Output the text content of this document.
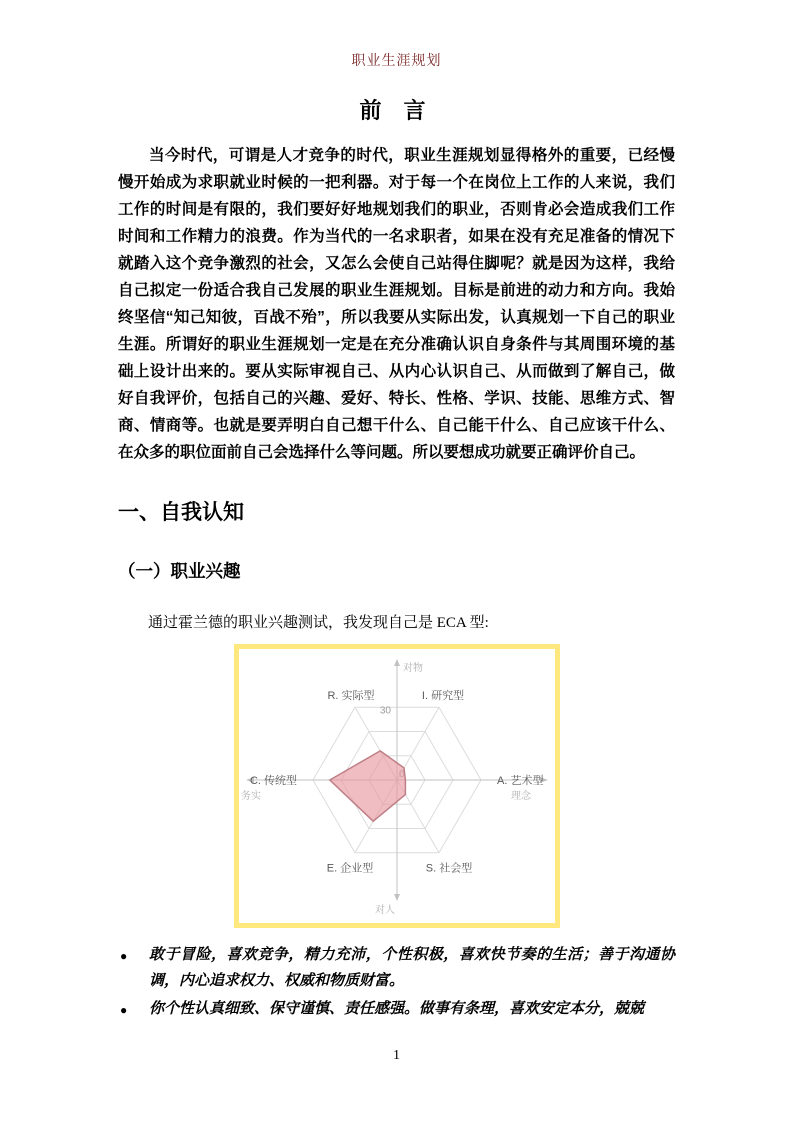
职业生涯规划
前 言

当今时代，可谓是人才竞争的时代，职业生涯规划显得格外的重要，已经慢慢开始成为求职就业时候的一把利器。对于每一个在岗位上工作的人来说，我们工作的时间是有限的，我们要好好地规划我们的职业，否则肯必会造成我们工作时间和工作精力的浪费。作为当代的一名求职者，如果在没有充足准备的情况下就踏入这个竞争激烈的社会，又怎么会使自己站得住脚呢？就是因为这样，我给自己拟定一份适合我自己发展的职业生涯规划。目标是前进的动力和方向。我始终坚信“知己知彼，百战不殆”，所以我要从实际出发，认真规划一下自己的职业生涯。所谓好的职业生涯规划一定是在充分准确认识自身条件与其周围环境的基础上设计出来的。要从实际审视自己、从内心认识自己、从而做到了解自己，做好自我评价，包括自己的兴趣、爱好、特长、性格、学识、技能、思维方式、智商、情商等。也就是要弄明白自己想干什么、自己能干什么、自己应该干什么、在众多的职位面前自己会选择什么等问题。所以要想成功就要正确评价自己。

一、自我认知
（一）职业兴趣

通过霍兰德的职业兴趣测试，我发现自己是 ECA 型:

对物
对人
务实	理念
30
R. 实际型	I. 研究型
A. 艺术型
S. 社会型
E. 企业型
C. 传统型
● 敢于冒险，喜欢竞争，精力充沛，个性积极，喜欢快节奏的生活；善于沟通协调，内心追求权力、权威和物质财富。
● 你个性认真细致、保守谨慎、责任感强。做事有条理，喜欢安定本分，兢兢
1
